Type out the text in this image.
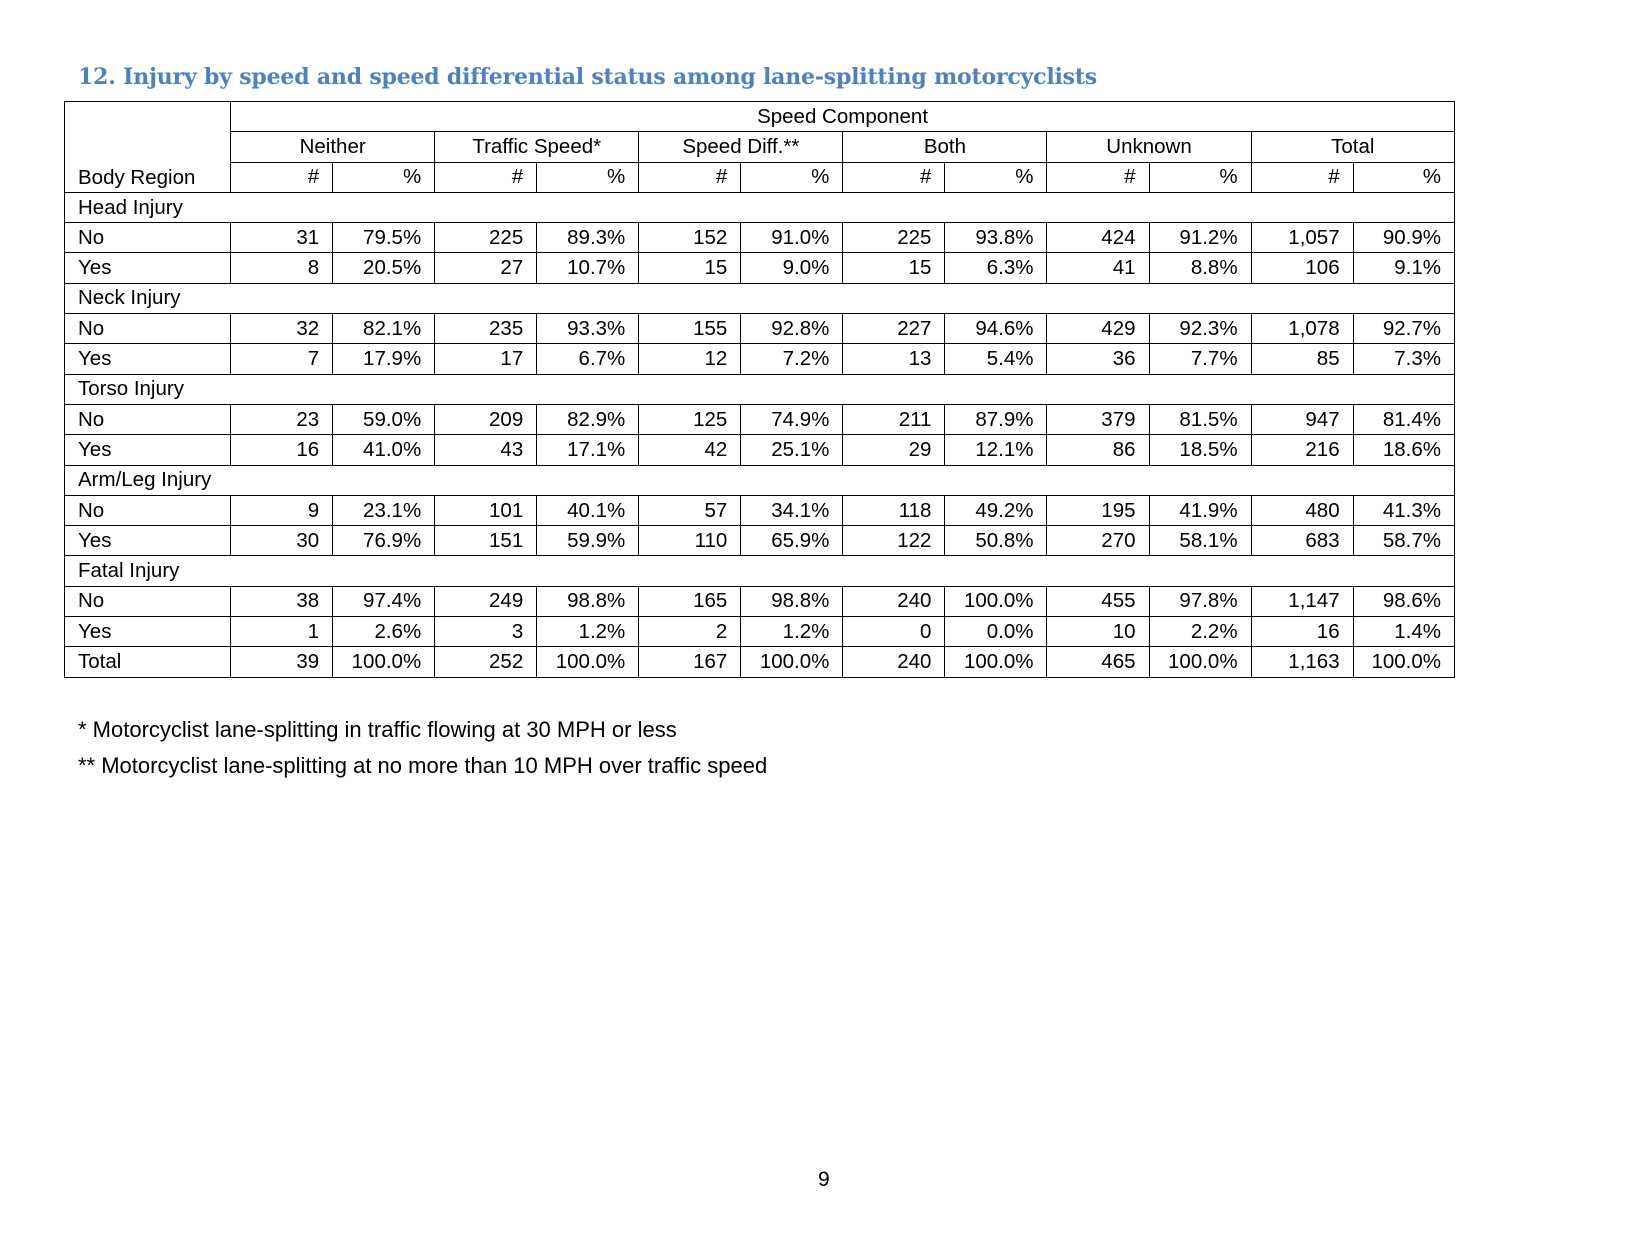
12. Injury by speed and speed differential status among lane-splitting motorcyclists
Body Region	Speed Component											
	Neither		Traffic Speed*		Speed Diff.**		Both		Unknown		Total	
	#	%	#	%	#	%	#	%	#	%	#	%
Head Injury												
No	31	79.5%	225	89.3%	152	91.0%	225	93.8%	424	91.2%	1,057	90.9%
Yes	8	20.5%	27	10.7%	15	9.0%	15	6.3%	41	8.8%	106	9.1%
Neck Injury												
No	32	82.1%	235	93.3%	155	92.8%	227	94.6%	429	92.3%	1,078	92.7%
Yes	7	17.9%	17	6.7%	12	7.2%	13	5.4%	36	7.7%	85	7.3%
Torso Injury												
No	23	59.0%	209	82.9%	125	74.9%	211	87.9%	379	81.5%	947	81.4%
Yes	16	41.0%	43	17.1%	42	25.1%	29	12.1%	86	18.5%	216	18.6%
Arm/Leg Injury												
No	9	23.1%	101	40.1%	57	34.1%	118	49.2%	195	41.9%	480	41.3%
Yes	30	76.9%	151	59.9%	110	65.9%	122	50.8%	270	58.1%	683	58.7%
Fatal Injury												
No	38	97.4%	249	98.8%	165	98.8%	240	100.0%	455	97.8%	1,147	98.6%
Yes	1	2.6%	3	1.2%	2	1.2%	0	0.0%	10	2.2%	16	1.4%
Total	39	100.0%	252	100.0%	167	100.0%	240	100.0%	465	100.0%	1,163	100.0%
* Motorcyclist lane-splitting in traffic flowing at 30 MPH or less
** Motorcyclist lane-splitting at no more than 10 MPH over traffic speed
9
